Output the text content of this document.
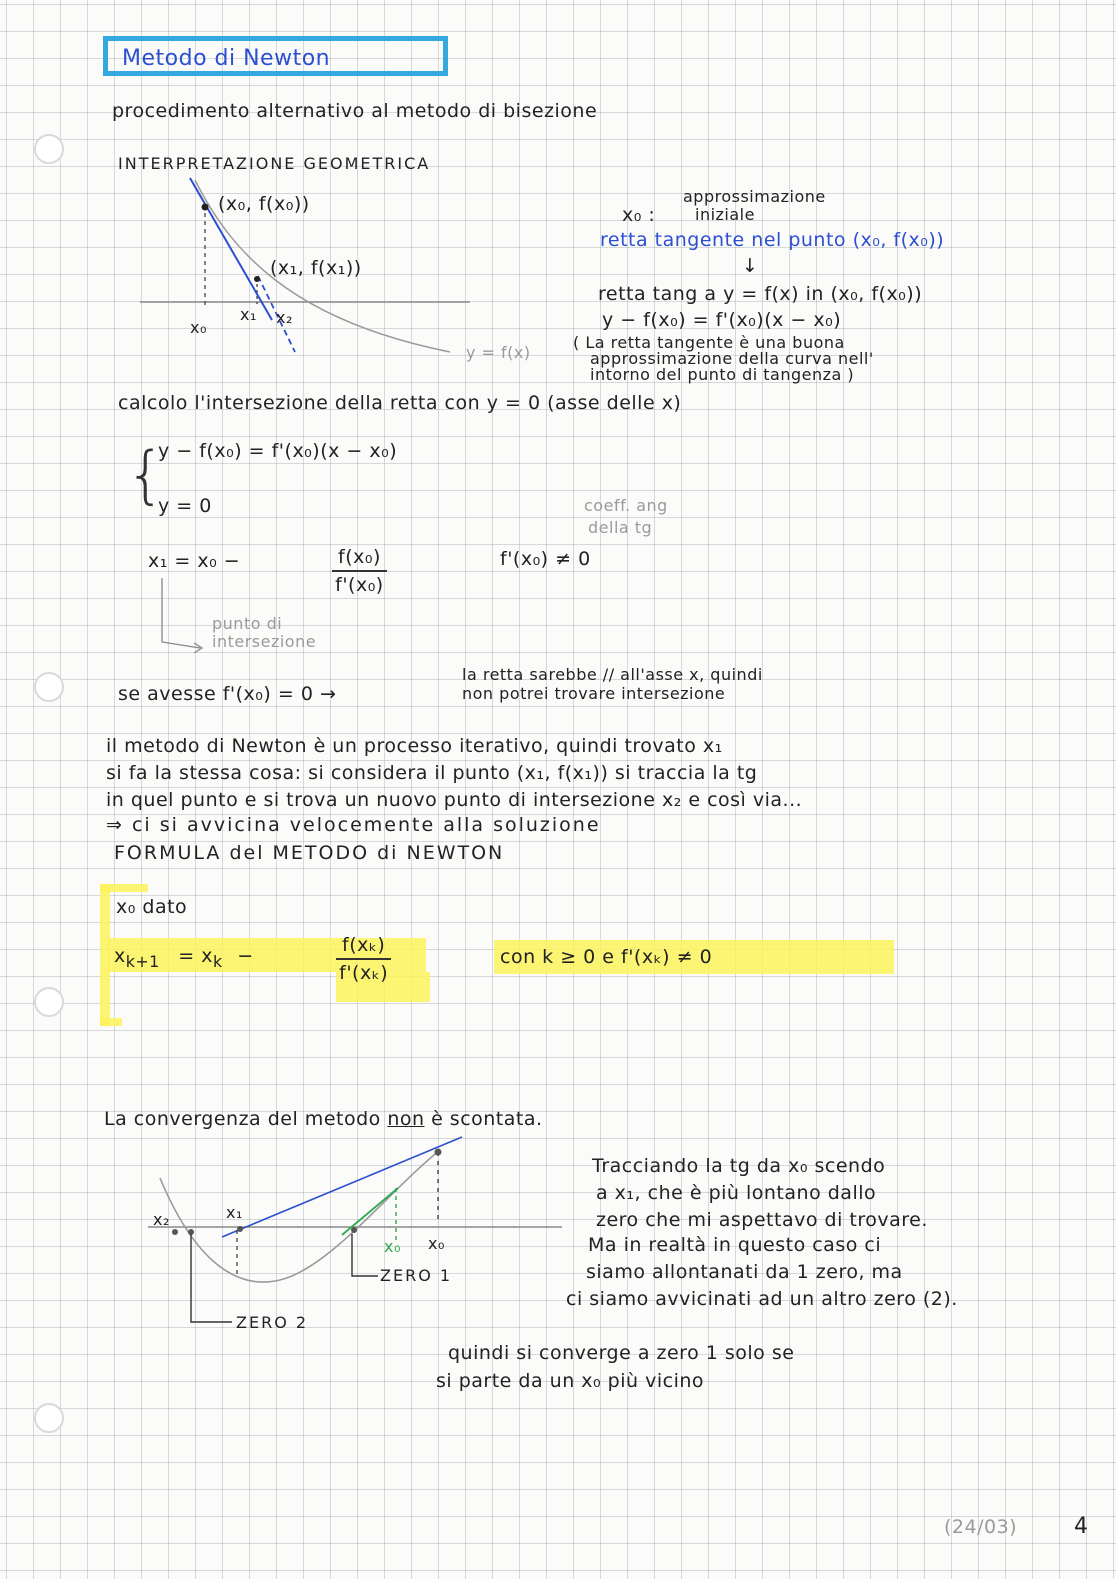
Metodo di Newton
procedimento alternativo al metodo di bisezione
INTERPRETAZIONE GEOMETRICA
(x₀, f(x₀))
(x₁, f(x₁))
x₀
x₁ x₂
y = f(x)
x₀ :
approssimazione
iniziale
retta tangente nel punto (x₀, f(x₀))
↓
retta tang a y = f(x) in (x₀, f(x₀))
y − f(x₀) = f'(x₀)(x − x₀)
( La retta tangente è una buona
approssimazione della curva nell'
intorno del punto di tangenza )
calcolo l'intersezione della retta con y = 0 (asse delle x)
{
y − f(x₀) = f'(x₀)(x − x₀)
y = 0	coeff. ang
della tg
x₁ = x₀ −	$\frac{\text{f(x₀)}}{\text{f'(x₀)}}$	f'(x₀) ≠ 0
punto di
intersezione
se avesse f'(x₀) = 0 →
la retta sarebbe // all'asse x, quindi
non potrei trovare intersezione
il metodo di Newton è un processo iterativo, quindi trovato x₁
si fa la stessa cosa: si considera il punto (x₁, f(x₁)) si traccia la tg
in quel punto e si trova un nuovo punto di intersezione x₂ e così via...
⇒ ci si avvicina velocemente alla soluzione
FORMULA del METODO di NEWTON
x₀ dato
$x_{k+1} = x_k$ −	$\frac{\text{f(xₖ)}}{\text{f'(xₖ)}}$	con k ≥ 0 e f'(xₖ) ≠ 0
La convergenza del metodo non è scontata.
x₂	x₁
x₀ x₀
ZERO 1
ZERO 2
Tracciando la tg da x₀ scendo
a x₁, che è più lontano dallo
zero che mi aspettavo di trovare.
Ma in realtà in questo caso ci
siamo allontanati da 1 zero, ma
ci siamo avvicinati ad un altro zero (2).
quindi si converge a zero 1 solo se
si parte da un x₀ più vicino
(24/03)	4
